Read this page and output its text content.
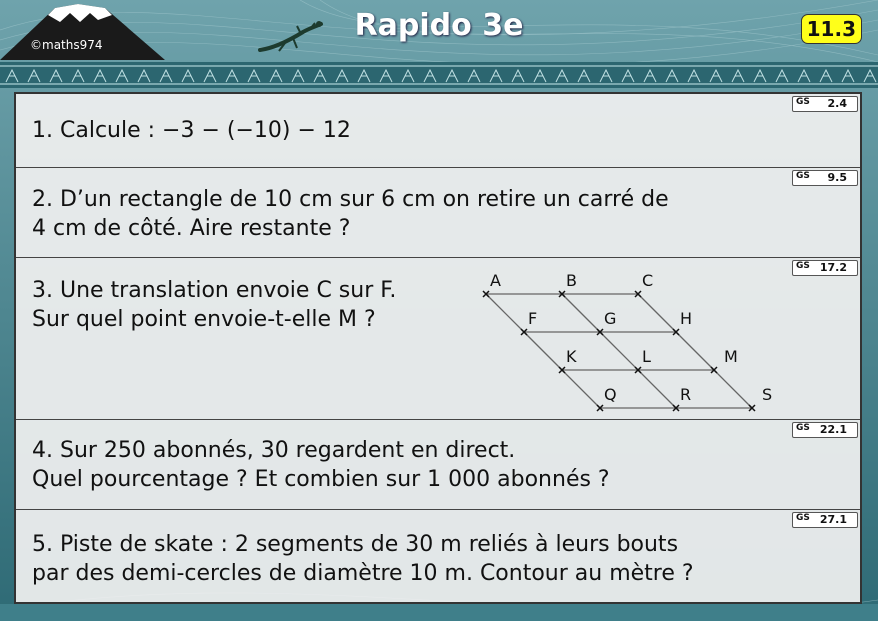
©maths974
Rapido 3e	11.3
1. Calcule : −3 − (−10) − 12
GS 2.4
2. D’un rectangle de 10 cm sur 6 cm on retire un carré de
4 cm de côté. Aire restante ?
GS 9.5
3. Une translation envoie C sur F.
Sur quel point envoie-t-elle M ?
GS 17.2
A	B	C
F	G	H
K	L	M
Q	R	S
4. Sur 250 abonnés, 30 regardent en direct.
Quel pourcentage ? Et combien sur 1 000 abonnés ?
GS 22.1
5. Piste de skate : 2 segments de 30 m reliés à leurs bouts
par des demi-cercles de diamètre 10 m. Contour au mètre ?
GS 27.1
